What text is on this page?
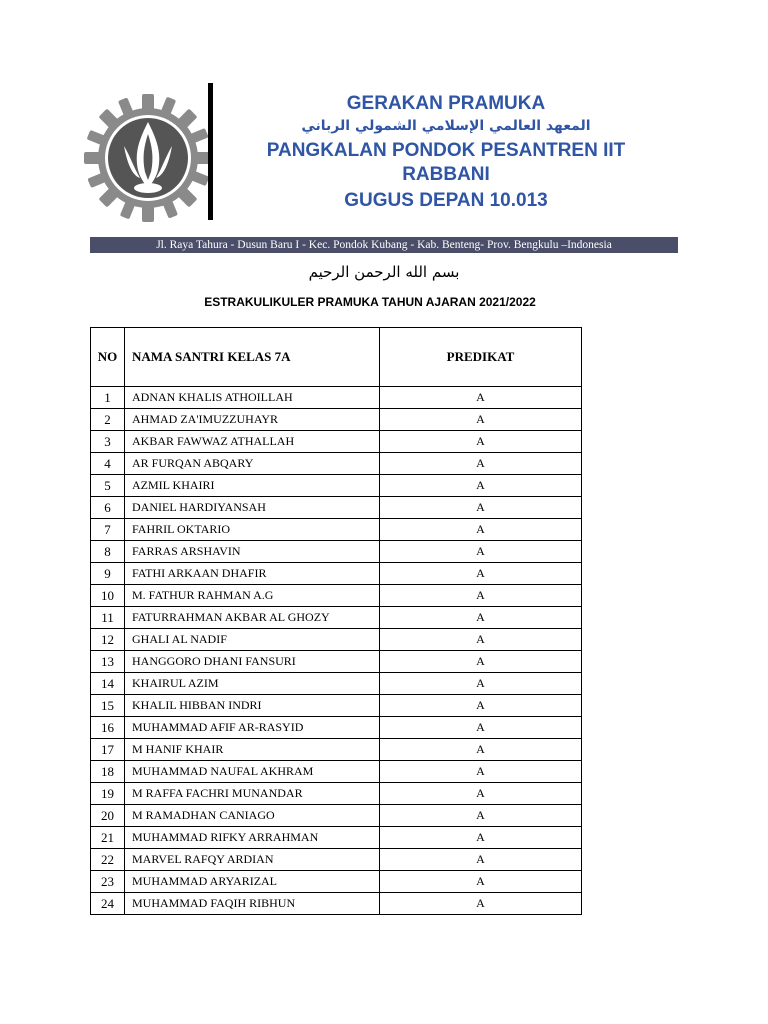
GERAKAN PRAMUKA
المعهد العالمي الإسلامي الشمولي الرباني
PANGKALAN PONDOK PESANTREN IIT
RABBANI
GUGUS DEPAN 10.013
Jl. Raya Tahura - Dusun Baru I - Kec. Pondok Kubang - Kab. Benteng- Prov. Bengkulu –Indonesia
بسم الله الرحمن الرحيم
ESTRAKULIKULER PRAMUKA TAHUN AJARAN 2021/2022
NO	NAMA SANTRI KELAS 7A	PREDIKAT
1	ADNAN KHALIS ATHOILLAH	A
2	AHMAD ZA'IMUZZUHAYR	A
3	AKBAR FAWWAZ ATHALLAH	A
4	AR FURQAN ABQARY	A
5	AZMIL KHAIRI	A
6	DANIEL HARDIYANSAH	A
7	FAHRIL OKTARIO	A
8	FARRAS ARSHAVIN	A
9	FATHI ARKAAN DHAFIR	A
10	M. FATHUR RAHMAN A.G	A
11	FATURRAHMAN AKBAR AL GHOZY	A
12	GHALI AL NADIF	A
13	HANGGORO DHANI FANSURI	A
14	KHAIRUL AZIM	A
15	KHALIL HIBBAN INDRI	A
16	MUHAMMAD AFIF AR-RASYID	A
17	M HANIF KHAIR	A
18	MUHAMMAD NAUFAL AKHRAM	A
19	M RAFFA FACHRI MUNANDAR	A
20	M RAMADHAN CANIAGO	A
21	MUHAMMAD RIFKY ARRAHMAN	A
22	MARVEL RAFQY ARDIAN	A
23	MUHAMMAD ARYARIZAL	A
24	MUHAMMAD FAQIH RIBHUN	A
